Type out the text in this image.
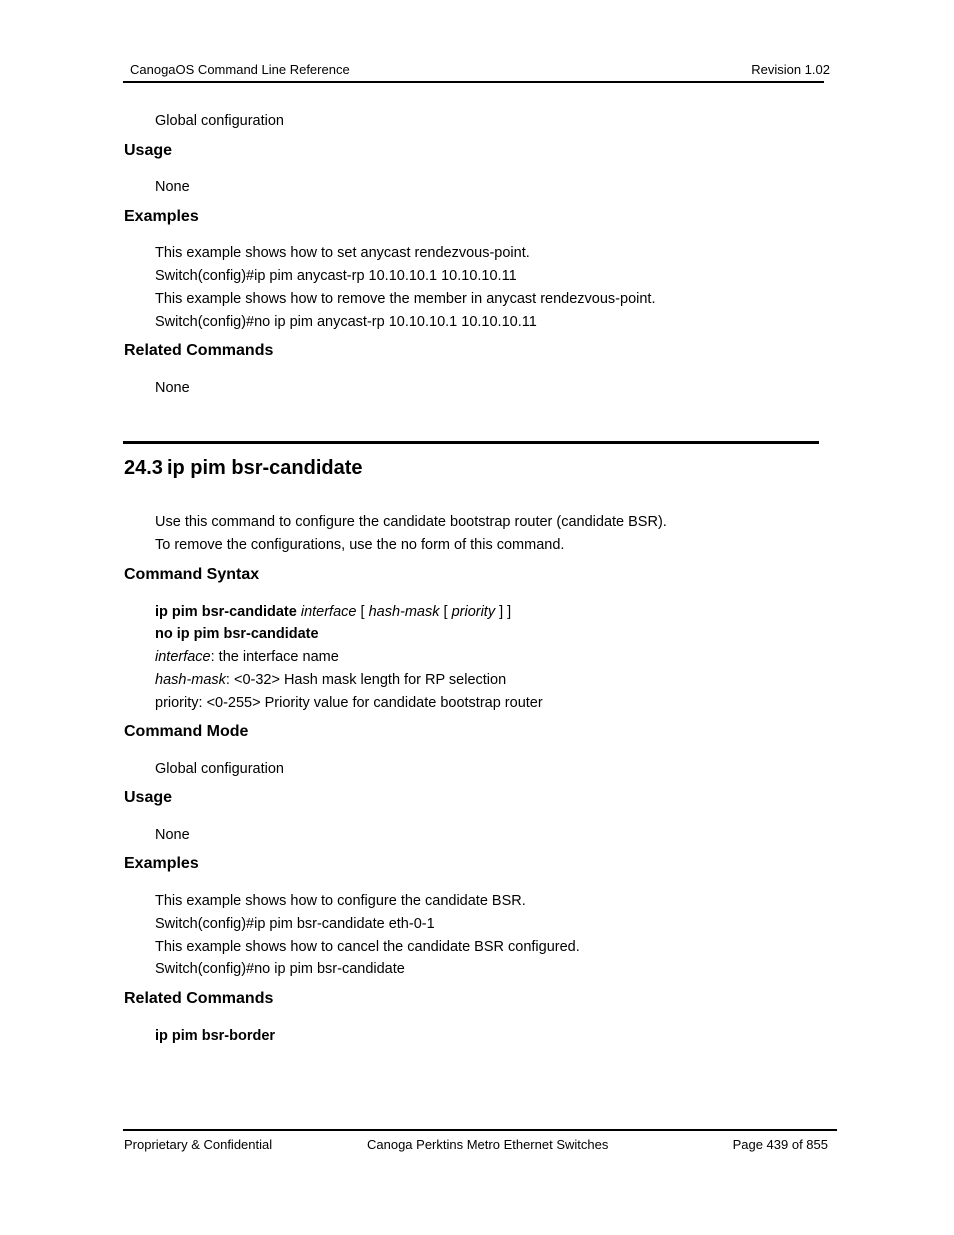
CanogaOS Command Line Reference	Revision 1.02
Global configuration
Usage
None
Examples
This example shows how to set anycast rendezvous-point.
Switch(config)#ip pim anycast-rp 10.10.10.1 10.10.10.11
This example shows how to remove the member in anycast rendezvous-point.
Switch(config)#no ip pim anycast-rp 10.10.10.1 10.10.10.11
Related Commands
None
24.3 ip pim bsr-candidate
Use this command to configure the candidate bootstrap router (candidate BSR).
To remove the configurations, use the no form of this command.
Command Syntax
ip pim bsr-candidate interface [ hash-mask [ priority ] ]
no ip pim bsr-candidate
interface: the interface name
hash-mask: <0-32> Hash mask length for RP selection
priority: <0-255> Priority value for candidate bootstrap router
Command Mode
Global configuration
Usage
None
Examples
This example shows how to configure the candidate BSR.
Switch(config)#ip pim bsr-candidate eth-0-1
This example shows how to cancel the candidate BSR configured.
Switch(config)#no ip pim bsr-candidate
Related Commands
ip pim bsr-border
Proprietary & Confidential	Canoga Perktins Metro Ethernet Switches	Page 439 of 855
